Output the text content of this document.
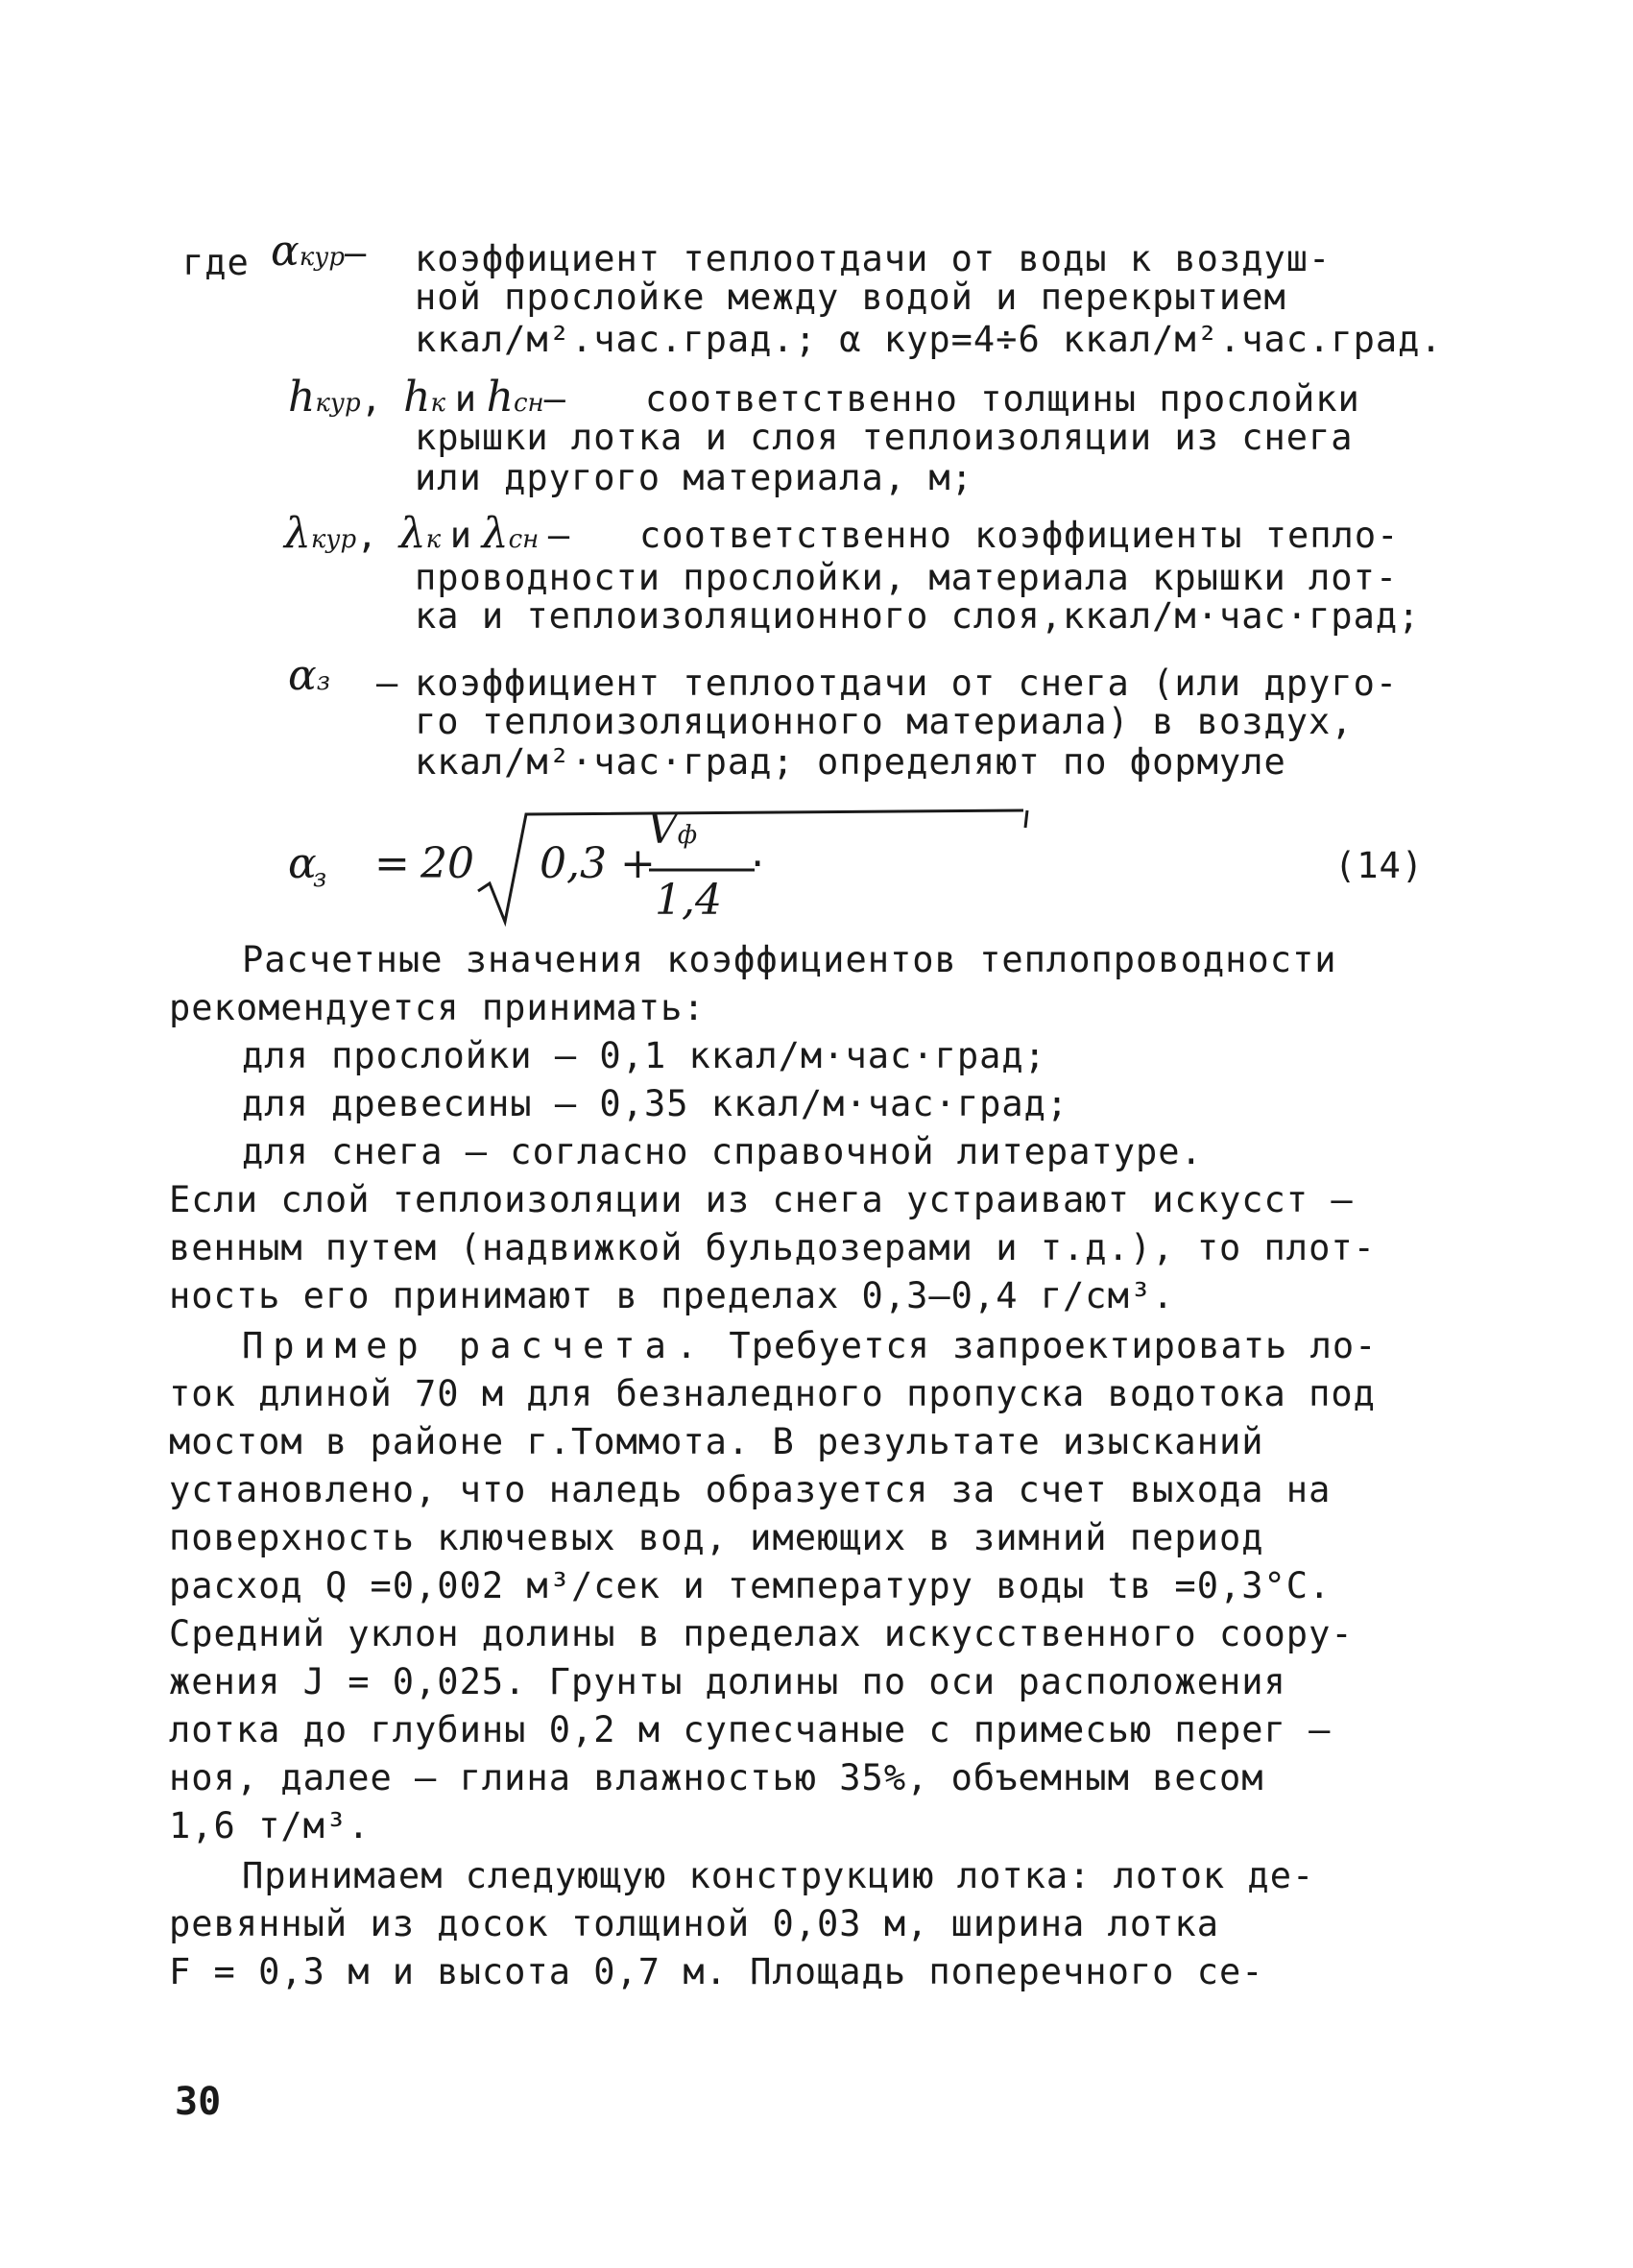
где αкур– коэффициент теплоотдачи от воды к воздуш-
ной прослойке между водой и перекрытием
ккал/м².час.град.; α кур=4÷6 ккал/м².час.град.
hкур, hк и hсн– соответственно толщины прослойки
крышки лотка и слоя теплоизоляции из снега
или другого материала, м;
λкур, λк и λсн – соответственно коэффициенты тепло-
проводности прослойки, материала крышки лот-
ка и теплоизоляционного слоя,ккал/м·час·град;
αз – коэффициент теплоотдачи от снега (или друго-
го теплоизоляционного материала) в воздух,
ккал/м²·час·град; определяют по формуле
α
з = 20 0,3 +
Vф
1,4
·	(14)
Расчетные значения коэффициентов теплопроводности
рекомендуется принимать:
для прослойки – 0,1 ккал/м·час·град;
для древесины – 0,35 ккал/м·час·град;
для снега – согласно справочной литературе.
Если слой теплоизоляции из снега устраивают искусст –
венным путем (надвижкой бульдозерами и т.д.), то плот-
ность его принимают в пределах 0,3–0,4 г/см³.
Пример расчета. Требуется запроектировать ло-
ток длиной 70 м для безналедного пропуска водотока под
мостом в районе г.Томмота. В результате изысканий
установлено, что наледь образуется за счет выхода на
поверхность ключевых вод, имеющих в зимний период
расход Q =0,002 м³/сек и температуру воды tв =0,3°С.
Средний уклон долины в пределах искусственного соору-
жения J = 0,025. Грунты долины по оси расположения
лотка до глубины 0,2 м супесчаные с примесью перег –
ноя, далее – глина влажностью 35%, объемным весом
1,6 т/м³.
Принимаем следующую конструкцию лотка: лоток де-
ревянный из досок толщиной 0,03 м, ширина лотка
F = 0,3 м и высота 0,7 м. Площадь поперечного се-
30
